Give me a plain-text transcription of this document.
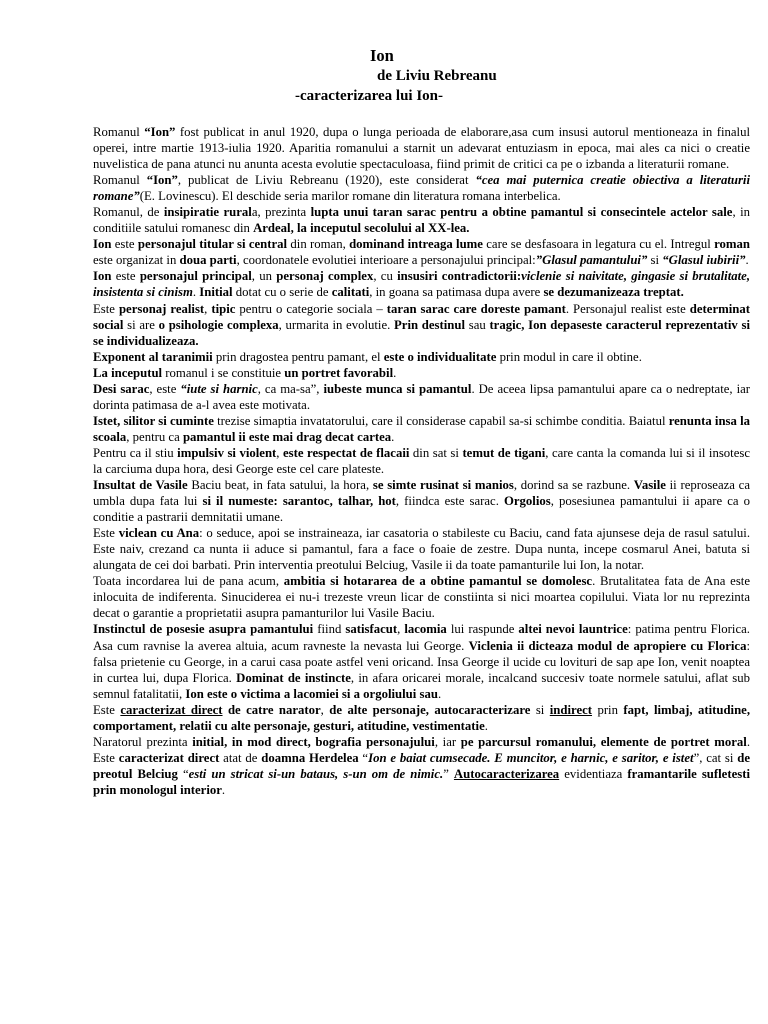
Ion
de Liviu Rebreanu
-caracterizarea lui Ion-

Romanul “Ion” fost publicat in anul 1920, dupa o lunga perioada de elaborare,asa cum insusi autorul mentioneaza in finalul operei, intre martie 1913-iulia 1920. Aparitia romanului a starnit un adevarat entuziasm in epoca, mai ales ca nici o creatie nuvelistica de pana atunci nu anunta acesta evolutie spectaculoasa, fiind primit de critici ca pe o izbanda a literaturii romane.

Romanul “Ion”, publicat de Liviu Rebreanu (1920), este considerat “cea mai puternica creatie obiectiva a literaturii romane”(E. Lovinescu). El deschide seria marilor romane din literatura romana interbelica.

Romanul, de insipiratie rurala, prezinta lupta unui taran sarac pentru a obtine pamantul si consecintele actelor sale, in conditiile satului romanesc din Ardeal, la inceputul secolului al XX-lea.

Ion este personajul titular si central din roman, dominand intreaga lume care se desfasoara in legatura cu el. Intregul roman este organizat in doua parti, coordonatele evolutiei interioare a personajului principal:”Glasul pamantului” si “Glasul iubirii”.

Ion este personajul principal, un personaj complex, cu insusiri contradictorii:viclenie si naivitate, gingasie si brutalitate, insistenta si cinism. Initial dotat cu o serie de calitati, in goana sa patimasa dupa avere se dezumanizeaza treptat.

Este personaj realist, tipic pentru o categorie sociala – taran sarac care doreste pamant. Personajul realist este determinat social si are o psihologie complexa, urmarita in evolutie. Prin destinul sau tragic, Ion depaseste caracterul reprezentativ si se individualizeaza.

Exponent al taranimii prin dragostea pentru pamant, el este o individualitate prin modul in care il obtine.

La inceputul romanul i se constituie un portret favorabil.

Desi sarac, este “iute si harnic, ca ma-sa”, iubeste munca si pamantul. De aceea lipsa pamantului apare ca o nedreptate, iar dorinta patimasa de a-l avea este motivata.

Istet, silitor si cuminte trezise simaptia invatatorului, care il considerase capabil sa-si schimbe conditia. Baiatul renunta insa la scoala, pentru ca pamantul ii este mai drag decat cartea.

Pentru ca il stiu impulsiv si violent, este respectat de flacaii din sat si temut de tigani, care canta la comanda lui si il insotesc la carciuma dupa hora, desi George este cel care plateste.

Insultat de Vasile Baciu beat, in fata satului, la hora, se simte rusinat si manios, dorind sa se razbune. Vasile ii reproseaza ca umbla dupa fata lui si il numeste: sarantoc, talhar, hot, fiindca este sarac. Orgolios, posesiunea pamantului ii apare ca o conditie a pastrarii demnitatii umane.

Este viclean cu Ana: o seduce, apoi se instraineaza, iar casatoria o stabileste cu Baciu, cand fata ajunsese deja de rasul satului. Este naiv, crezand ca nunta ii aduce si pamantul, fara a face o foaie de zestre. Dupa nunta, incepe cosmarul Anei, batuta si alungata de cei doi barbati. Prin interventia preotului Belciug, Vasile ii da toate pamanturile lui Ion, la notar.

Toata incordarea lui de pana acum, ambitia si hotararea de a obtine pamantul se domolesc. Brutalitatea fata de Ana este inlocuita de indiferenta. Sinuciderea ei nu-i trezeste vreun licar de constiinta si nici moartea copilului. Viata lor nu reprezinta decat o garantie a proprietatii asupra pamanturilor lui Vasile Baciu.

Instinctul de posesie asupra pamantului fiind satisfacut, lacomia lui raspunde altei nevoi launtrice: patima pentru Florica. Asa cum ravnise la averea altuia, acum ravneste la nevasta lui George. Viclenia ii dicteaza modul de apropiere cu Florica: falsa prietenie cu George, in a carui casa poate astfel veni oricand. Insa George il ucide cu lovituri de sap ape Ion, venit noaptea in curtea lui, dupa Florica. Dominat de instincte, in afara oricarei morale, incalcand succesiv toate normele satului, aflat sub semnul fatalitatii, Ion este o victima a lacomiei si a orgoliului sau.

Este caracterizat direct de catre narator, de alte personaje, autocaracterizare si indirect prin fapt, limbaj, atitudine, comportament, relatii cu alte personaje, gesturi, atitudine, vestimentatie.

Naratorul prezinta initial, in mod direct, bografia personajului, iar pe parcursul romanului, elemente de portret moral. Este caracterizat direct atat de doamna Herdelea “Ion e baiat cumsecade. E muncitor, e harnic, e saritor, e istet”, cat si de preotul Belciug “esti un stricat si-un bataus, s-un om de nimic.” Autocaracterizarea evidentiaza framantarile sufletesti prin monologul interior.
